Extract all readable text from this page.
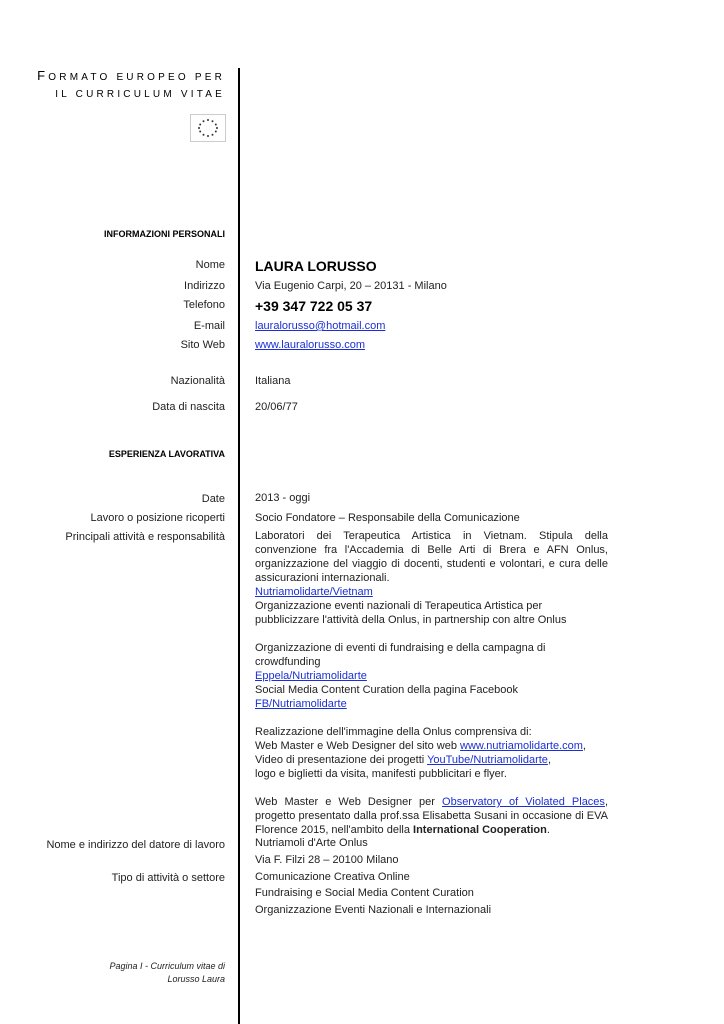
FORMATO EUROPEO PER
IL CURRICULUM VITAE
INFORMAZIONI PERSONALI
Nome LAURA LORUSSO
Indirizzo	Via Eugenio Carpi, 20 – 20131 - Milano
Telefono +39 347 722 05 37
E-mail	lauralorusso@hotmail.com
Sito Web	www.lauralorusso.com
Nazionalità	Italiana
Data di nascita	20/06/77
ESPERIENZA LAVORATIVA
Date	2013 - oggi
Lavoro o posizione ricoperti	Socio Fondatore – Responsabile della Comunicazione
Principali attività e responsabilità	Laboratori dei Terapeutica Artistica in Vietnam. Stipula della convenzione fra l'Accademia di Belle Arti di Brera e AFN Onlus, organizzazione del viaggio di docenti, studenti e volontari, e cura delle assicurazioni internazionali.
Nutriamolidarte/Vietnam
Organizzazione eventi nazionali di Terapeutica Artistica per pubblicizzare l'attività della Onlus, in partnership con altre Onlus
Organizzazione di eventi di fundraising e della campagna di crowdfunding
Eppela/Nutriamolidarte
Social Media Content Curation della pagina Facebook
FB/Nutriamolidarte
Realizzazione dell'immagine della Onlus comprensiva di:
Web Master e Web Designer del sito web www.nutriamolidarte.com,
Video di presentazione dei progetti YouTube/Nutriamolidarte,
logo e biglietti da visita, manifesti pubblicitari e flyer.
Web Master e Web Designer per Observatory of Violated Places, progetto presentato dalla prof.ssa Elisabetta Susani in occasione di EVA Florence 2015, nell'ambito della International Cooperation.
Nome e indirizzo del datore di lavoro	Nutriamoli d'Arte Onlus
Via F. Filzi 28 – 20100 Milano
Tipo di attività o settore	Comunicazione Creativa Online
Fundraising e Social Media Content Curation
Organizzazione Eventi Nazionali e Internazionali
Pagina I - Curriculum vitae di
Lorusso Laura
